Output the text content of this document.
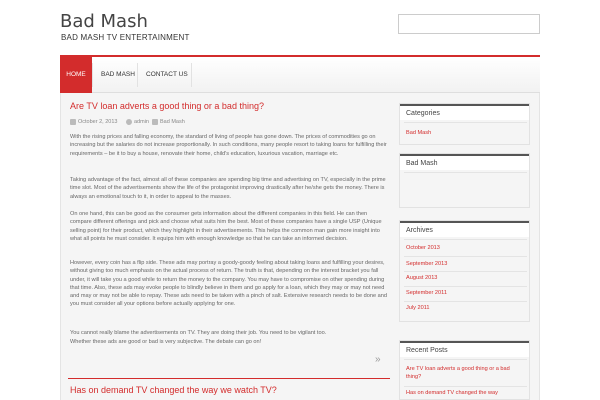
Bad Mash
BAD MASH TV ENTERTAINMENT
HOME	BAD MASH	CONTACT US
Are TV loan adverts a good thing or a bad thing?
October 2, 2013	admin Bad Mash

With the rising prices and falling economy, the standard of living of people has gone down. The prices of commodities go on increasing but the salaries do not increase proportionally. In such conditions, many people resort to taking loans for fulfilling their requirements – be it to buy a house, renovate their home, child's education, luxurious vacation, marriage etc.

Taking advantage of the fact, almost all of these companies are spending big time and advertising on TV, especially in the prime time slot. Most of the advertisements show the life of the protagonist improving drastically after he/she gets the money. There is always an emotional touch to it, in order to appeal to the masses.

On one hand, this can be good as the consumer gets information about the different companies in this field. He can then compare different offerings and pick and choose what suits him the best. Most of these companies have a single USP (Unique selling point) for their product, which they highlight in their advertisements. This helps the common man gain more insight into what all points he must consider. It equips him with enough knowledge so that he can take an informed decision.

However, every coin has a flip side. These ads may portray a goody-goody feeling about taking loans and fulfilling your desires, without giving too much emphasis on the actual process of return. The truth is that, depending on the interest bracket you fall under, it will take you a good while to return the money to the company. You may have to compromise on other spending during that time. Also, these ads may evoke people to blindly believe in them and go apply for a loan, which they may or may not need and may or may not be able to repay. These ads need to be taken with a pinch of salt. Extensive research needs to be done and you must consider all your options before actually applying for one.

You cannot really blame the advertisements on TV. They are doing their job. You need to be vigilant too.

Whether these ads are good or bad is very subjective. The debate can go on!

»
Has on demand TV changed the way we watch TV?
Categories
Bad Mash
Bad Mash
Archives
October 2013
September 2013
August 2013
September 2011
July 2011
Recent Posts
Are TV loan adverts a good thing or a bad thing?
Has on demand TV changed the way
